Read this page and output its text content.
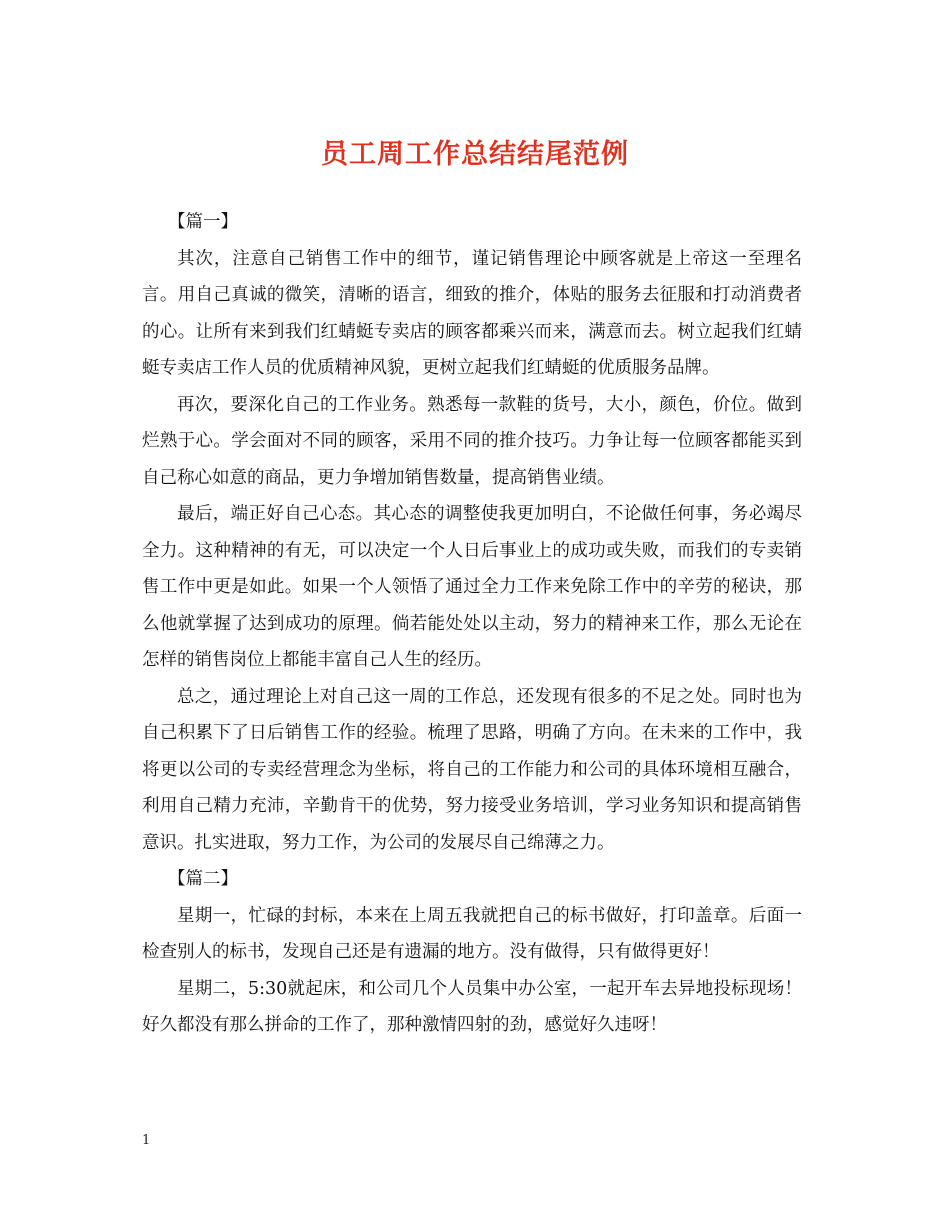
员工周工作总结结尾范例

【篇一】

其次，注意自己销售工作中的细节，谨记销售理论中顾客就是上帝这一至理名言。用自己真诚的微笑，清晰的语言，细致的推介，体贴的服务去征服和打动消费者的心。让所有来到我们红蜻蜓专卖店的顾客都乘兴而来，满意而去。树立起我们红蜻蜓专卖店工作人员的优质精神风貌，更树立起我们红蜻蜓的优质服务品牌。

再次，要深化自己的工作业务。熟悉每一款鞋的货号，大小，颜色，价位。做到烂熟于心。学会面对不同的顾客，采用不同的推介技巧。力争让每一位顾客都能买到自己称心如意的商品，更力争增加销售数量，提高销售业绩。

最后，端正好自己心态。其心态的调整使我更加明白，不论做任何事，务必竭尽全力。这种精神的有无，可以决定一个人日后事业上的成功或失败，而我们的专卖销售工作中更是如此。如果一个人领悟了通过全力工作来免除工作中的辛劳的秘诀，那么他就掌握了达到成功的原理。倘若能处处以主动，努力的精神来工作，那么无论在怎样的销售岗位上都能丰富自己人生的经历。

总之，通过理论上对自己这一周的工作总，还发现有很多的不足之处。同时也为自己积累下了日后销售工作的经验。梳理了思路，明确了方向。在未来的工作中，我将更以公司的专卖经营理念为坐标，将自己的工作能力和公司的具体环境相互融合，利用自己精力充沛，辛勤肯干的优势，努力接受业务培训，学习业务知识和提高销售意识。扎实进取，努力工作，为公司的发展尽自己绵薄之力。

【篇二】

星期一，忙碌的封标，本来在上周五我就把自己的标书做好，打印盖章。后面一检查别人的标书，发现自己还是有遗漏的地方。没有做得，只有做得更好！

星期二，5:30就起床，和公司几个人员集中办公室，一起开车去异地投标现场！好久都没有那么拼命的工作了，那种激情四射的劲，感觉好久违呀！

1
